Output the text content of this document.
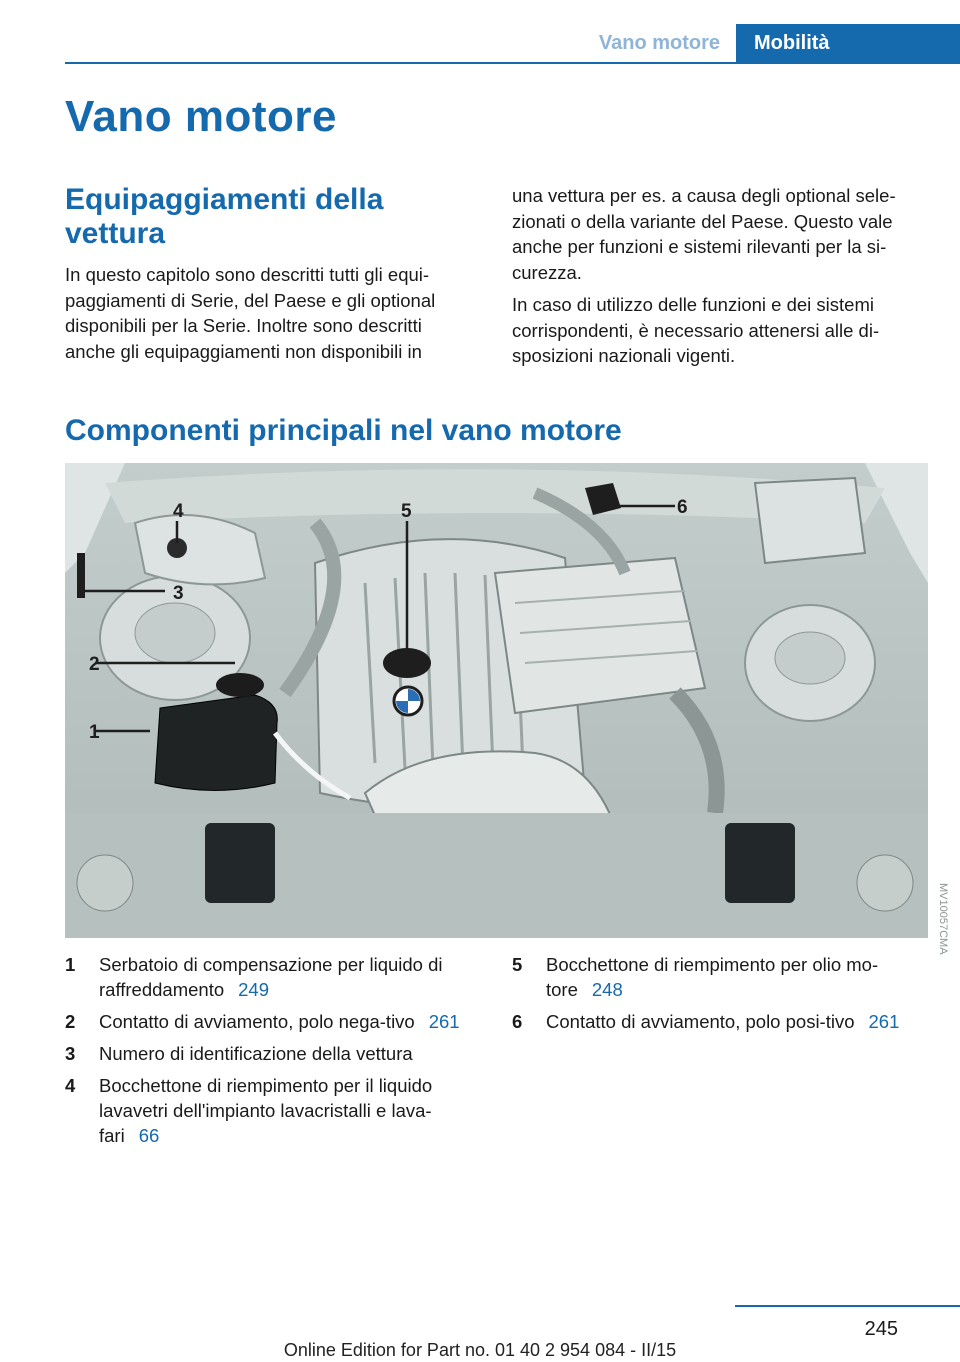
Vano motore	Mobilità
Vano motore
Equipaggiamenti della vettura

In questo capitolo sono descritti tutti gli equi-paggiamenti di Serie, del Paese e gli optional disponibili per la Serie. Inoltre sono descritti anche gli equipaggiamenti non disponibili in

una vettura per es. a causa degli optional sele-zionati o della variante del Paese. Questo vale anche per funzioni e sistemi rilevanti per la si-curezza.

In caso di utilizzo delle funzioni e dei sistemi corrispondenti, è necessario attenersi alle di-sposizioni nazionali vigenti.

Componenti principali nel vano motore
1
2
3
4	5	6
MV10057CMA
1	Serbatoio di compensazione per liquido di raffreddamento 249
2	Contatto di avviamento, polo nega-tivo 261
3	Numero di identificazione della vettura
4	Bocchettone di riempimento per il liquido lavavetri dell'impianto lavacristalli e lava-fari 66
5	Bocchettone di riempimento per olio mo-tore 248
6	Contatto di avviamento, polo posi-tivo 261
245
Online Edition for Part no. 01 40 2 954 084 - II/15
